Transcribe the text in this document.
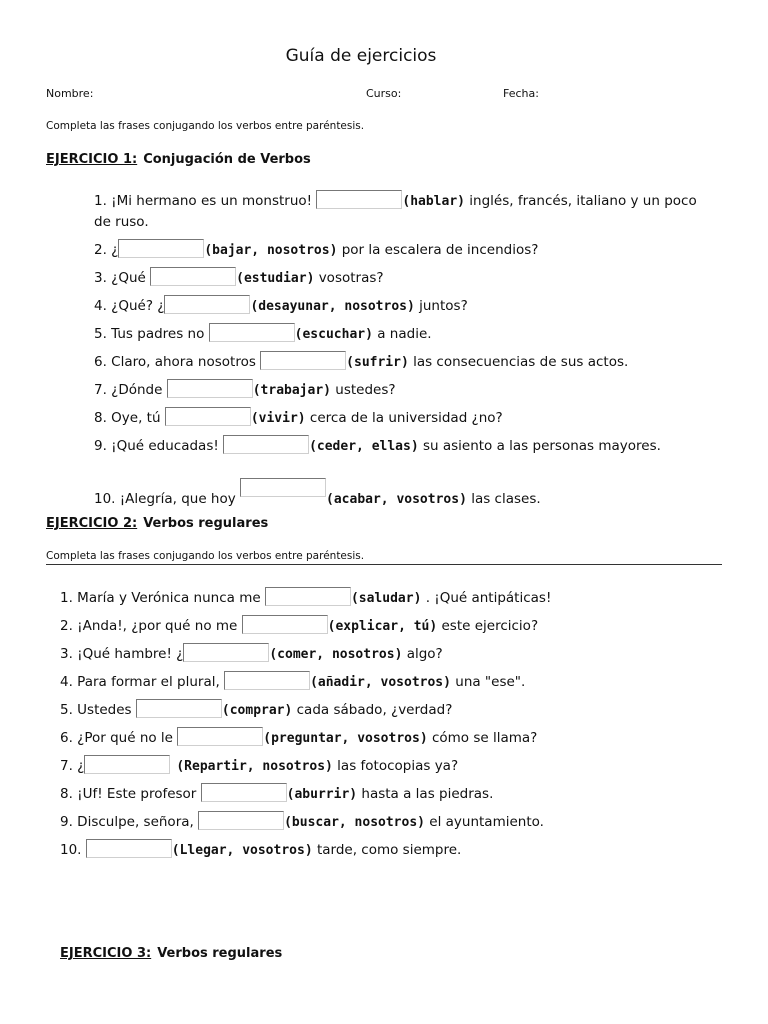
Guía de ejercicios
Nombre:	Curso:	Fecha:
Completa las frases conjugando los verbos entre paréntesis.
EJERCICIO 1: Conjugación de Verbos
1. ¡Mi hermano es un monstruo!	(hablar) inglés, francés, italiano y un poco de ruso.
2. ¿	(bajar, nosotros) por la escalera de incendios?
3. ¿Qué	(estudiar) vosotras?
4. ¿Qué? ¿	(desayunar, nosotros) juntos?
5. Tus padres no	(escuchar) a nadie.
6. Claro, ahora nosotros	(sufrir) las consecuencias de sus actos.
7. ¿Dónde	(trabajar) ustedes?
8. Oye, tú	(vivir) cerca de la universidad ¿no?
9. ¡Qué educadas!	(ceder, ellas) su asiento a las personas mayores.
10. ¡Alegría, que hoy	(acabar, vosotros) las clases.
EJERCICIO 2: Verbos regulares
Completa las frases conjugando los verbos entre paréntesis.
1. María y Verónica nunca me	(saludar) . ¡Qué antipáticas!
2. ¡Anda!, ¿por qué no me	(explicar, tú) este ejercicio?
3. ¡Qué hambre! ¿	(comer, nosotros) algo?
4. Para formar el plural,	(añadir, vosotros) una "ese".
5. Ustedes	(comprar) cada sábado, ¿verdad?
6. ¿Por qué no le	(preguntar, vosotros) cómo se llama?
7. ¿	(Repartir, nosotros) las fotocopias ya?
8. ¡Uf! Este profesor	(aburrir) hasta a las piedras.
9. Disculpe, señora,	(buscar, nosotros) el ayuntamiento.
10.	(Llegar, vosotros) tarde, como siempre.
EJERCICIO 3: Verbos regulares
